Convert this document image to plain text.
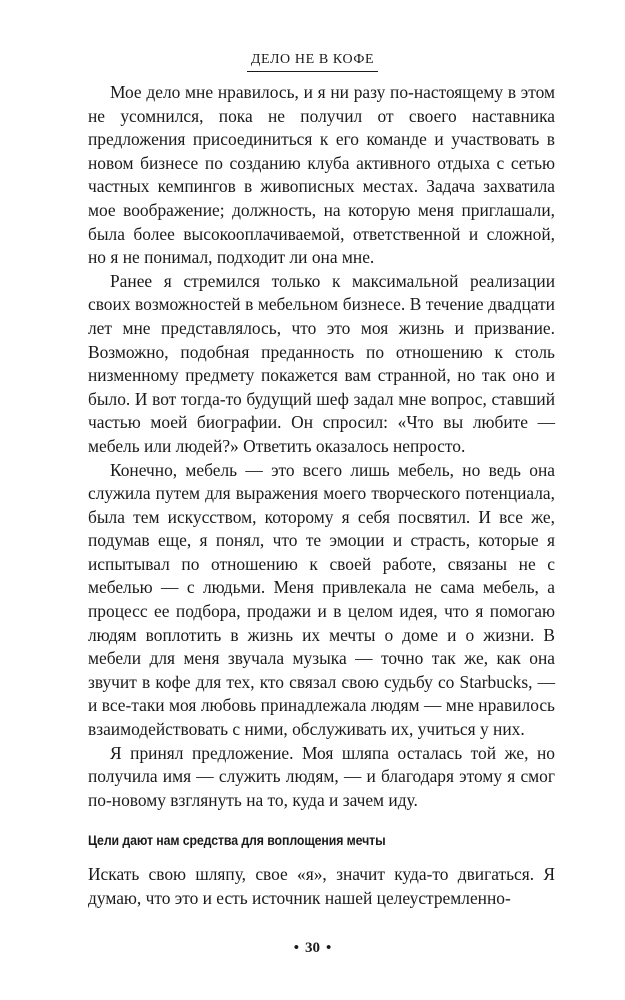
ДЕЛО НЕ В КОФЕ

Мое дело мне нравилось, и я ни разу по-настоящему в этом не усомнился, пока не получил от своего наставника предложения присоединиться к его команде и участвовать в новом бизнесе по созданию клуба активного отдыха с сетью частных кемпингов в живописных местах. Задача захватила мое воображение; должность, на которую меня приглашали, была более высокооплачиваемой, ответственной и сложной, но я не понимал, подходит ли она мне.

Ранее я стремился только к максимальной реализации своих возможностей в мебельном бизнесе. В течение двадцати лет мне представлялось, что это моя жизнь и призвание. Возможно, подобная преданность по отношению к столь низменному предмету покажется вам странной, но так оно и было. И вот тогда-то будущий шеф задал мне вопрос, ставший частью моей биографии. Он спросил: «Что вы любите — мебель или людей?» Ответить оказалось непросто.

Конечно, мебель — это всего лишь мебель, но ведь она служила путем для выражения моего творческого потенциала, была тем искусством, которому я себя посвятил. И все же, подумав еще, я понял, что те эмоции и страсть, которые я испытывал по отношению к своей работе, связаны не с мебелью — с людьми. Меня привлекала не сама мебель, а процесс ее подбора, продажи и в целом идея, что я помогаю людям воплотить в жизнь их мечты о доме и о жизни. В мебели для меня звучала музыка — точно так же, как она звучит в кофе для тех, кто связал свою судьбу со Starbucks, — и все-таки моя любовь принадлежала людям — мне нравилось взаимодействовать с ними, обслуживать их, учиться у них.

Я принял предложение. Моя шляпа осталась той же, но получила имя — служить людям, — и благодаря этому я смог по-новому взглянуть на то, куда и зачем иду.

Цели дают нам средства для воплощения мечты

Искать свою шляпу, свое «я», значит куда-то двигаться. Я думаю, что это и есть источник нашей целеустремленно-

• 30 •
